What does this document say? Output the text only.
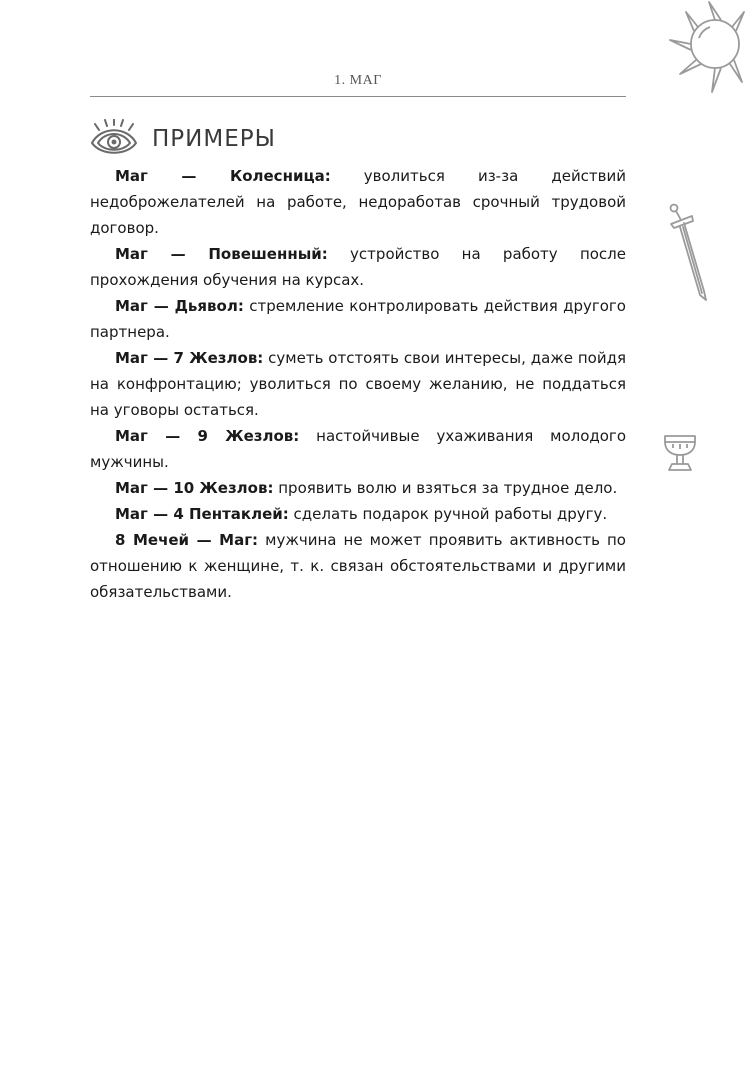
1. МАГ
ПРИМЕРЫ

Маг — Колесница: уволиться из-за действий недоброжелателей на работе, недоработав срочный трудовой договор.

Маг — Повешенный: устройство на работу после прохождения обучения на курсах.

Маг — Дьявол: стремление контролировать действия другого партнера.

Маг — 7 Жезлов: суметь отстоять свои интересы, даже пойдя на конфронтацию; уволиться по своему желанию, не поддаться на уговоры остаться.

Маг — 9 Жезлов: настойчивые ухаживания молодого мужчины.

Маг — 10 Жезлов: проявить волю и взяться за трудное дело.

Маг — 4 Пентаклей: сделать подарок ручной работы другу.

8 Мечей — Маг: мужчина не может проявить активность по отношению к женщине, т. к. связан обстоятельствами и другими обязательствами.
